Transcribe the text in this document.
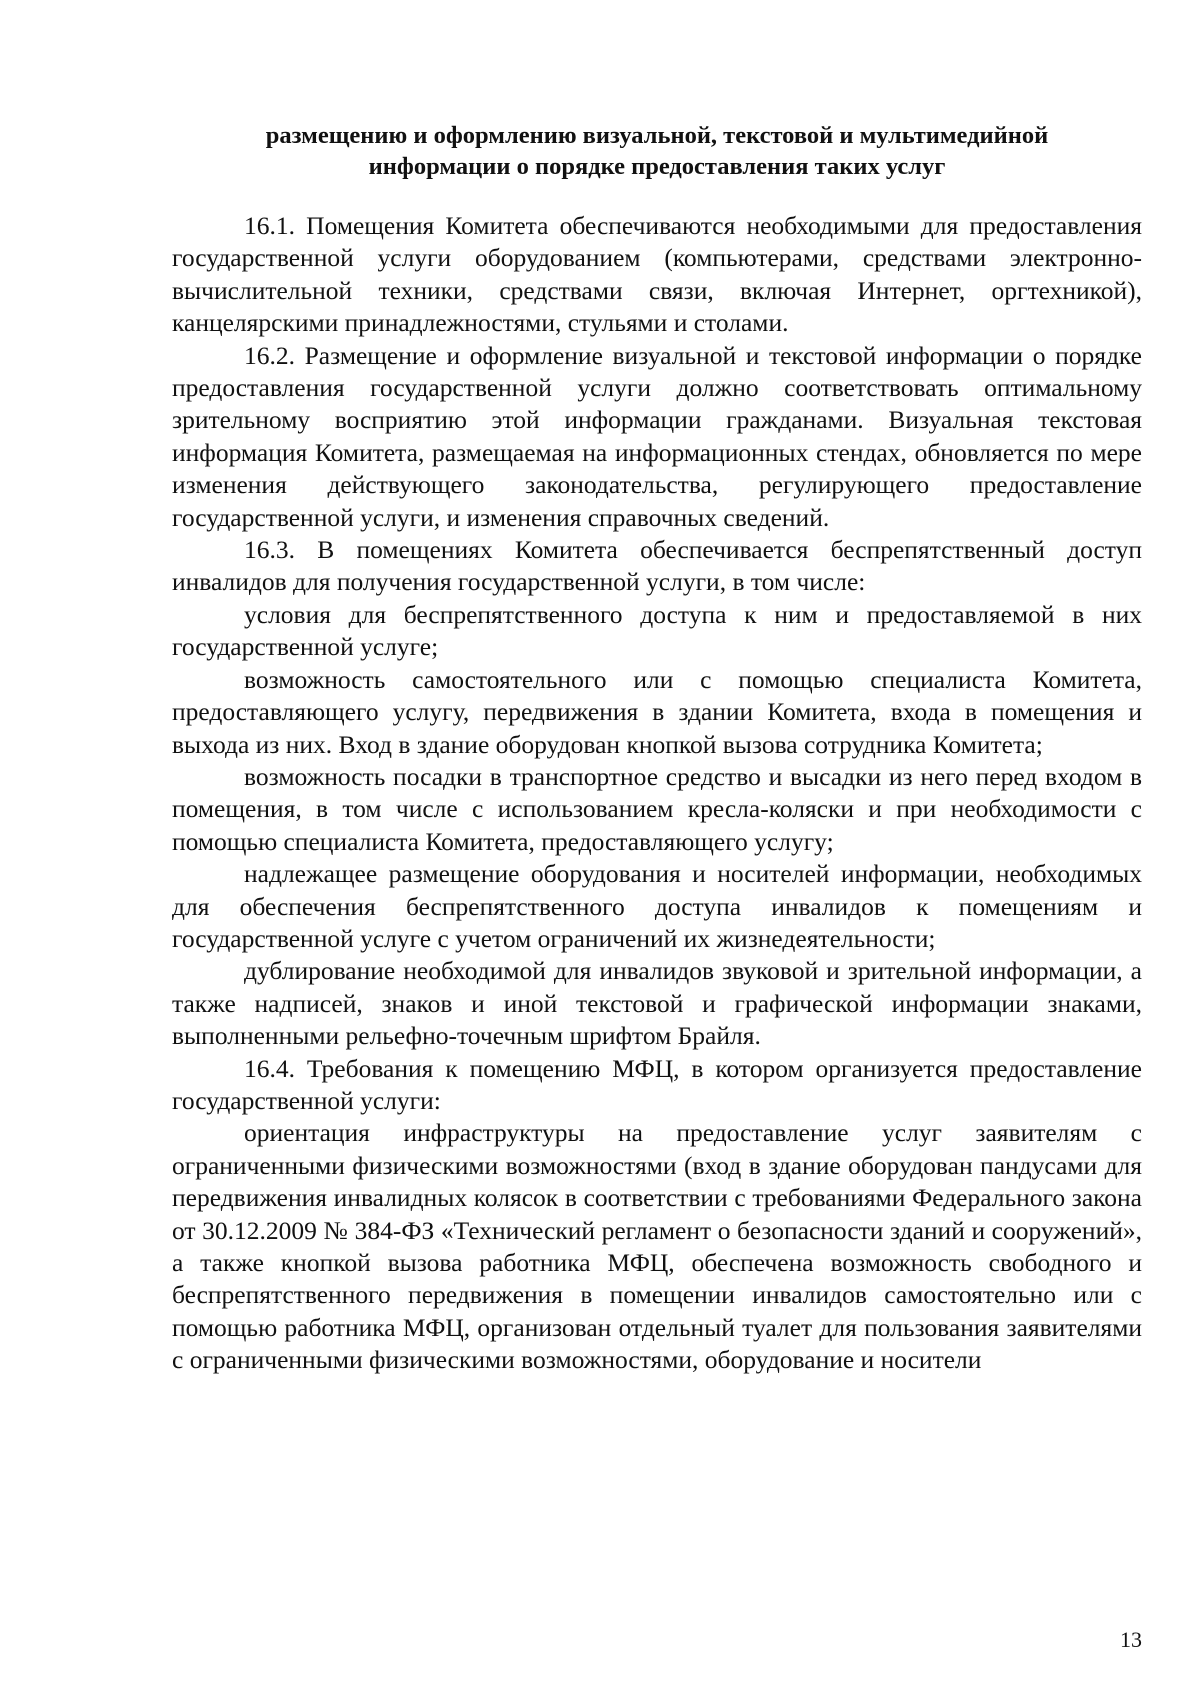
размещению и оформлению визуальной, текстовой и мультимедийной
информации о порядке предоставления таких услуг

16.1. Помещения Комитета обеспечиваются необходимыми для предоставления государственной услуги оборудованием (компьютерами, средствами электронно-вычислительной техники, средствами связи, включая Интернет, оргтехникой), канцелярскими принадлежностями, стульями и столами.

16.2. Размещение и оформление визуальной и текстовой информации о порядке предоставления государственной услуги должно соответствовать оптимальному зрительному восприятию этой информации гражданами. Визуальная текстовая информация Комитета, размещаемая на информационных стендах, обновляется по мере изменения действующего законодательства, регулирующего предоставление государственной услуги, и изменения справочных сведений.

16.3. В помещениях Комитета обеспечивается беспрепятственный доступ инвалидов для получения государственной услуги, в том числе:

условия для беспрепятственного доступа к ним и предоставляемой в них государственной услуге;

возможность самостоятельного или с помощью специалиста Комитета, предоставляющего услугу, передвижения в здании Комитета, входа в помещения и выхода из них. Вход в здание оборудован кнопкой вызова сотрудника Комитета;

возможность посадки в транспортное средство и высадки из него перед входом в помещения, в том числе с использованием кресла-коляски и при необходимости с помощью специалиста Комитета, предоставляющего услугу;

надлежащее размещение оборудования и носителей информации, необходимых для обеспечения беспрепятственного доступа инвалидов к помещениям и государственной услуге с учетом ограничений их жизнедеятельности;

дублирование необходимой для инвалидов звуковой и зрительной информации, а также надписей, знаков и иной текстовой и графической информации знаками, выполненными рельефно-точечным шрифтом Брайля.

16.4. Требования к помещению МФЦ, в котором организуется предоставление государственной услуги:

ориентация инфраструктуры на предоставление услуг заявителям с ограниченными физическими возможностями (вход в здание оборудован пандусами для передвижения инвалидных колясок в соответствии с требованиями Федерального закона от 30.12.2009 № 384-ФЗ «Технический регламент о безопасности зданий и сооружений», а также кнопкой вызова работника МФЦ, обеспечена возможность свободного и беспрепятственного передвижения в помещении инвалидов самостоятельно или с помощью работника МФЦ, организован отдельный туалет для пользования заявителями с ограниченными физическими возможностями, оборудование и носители

13
